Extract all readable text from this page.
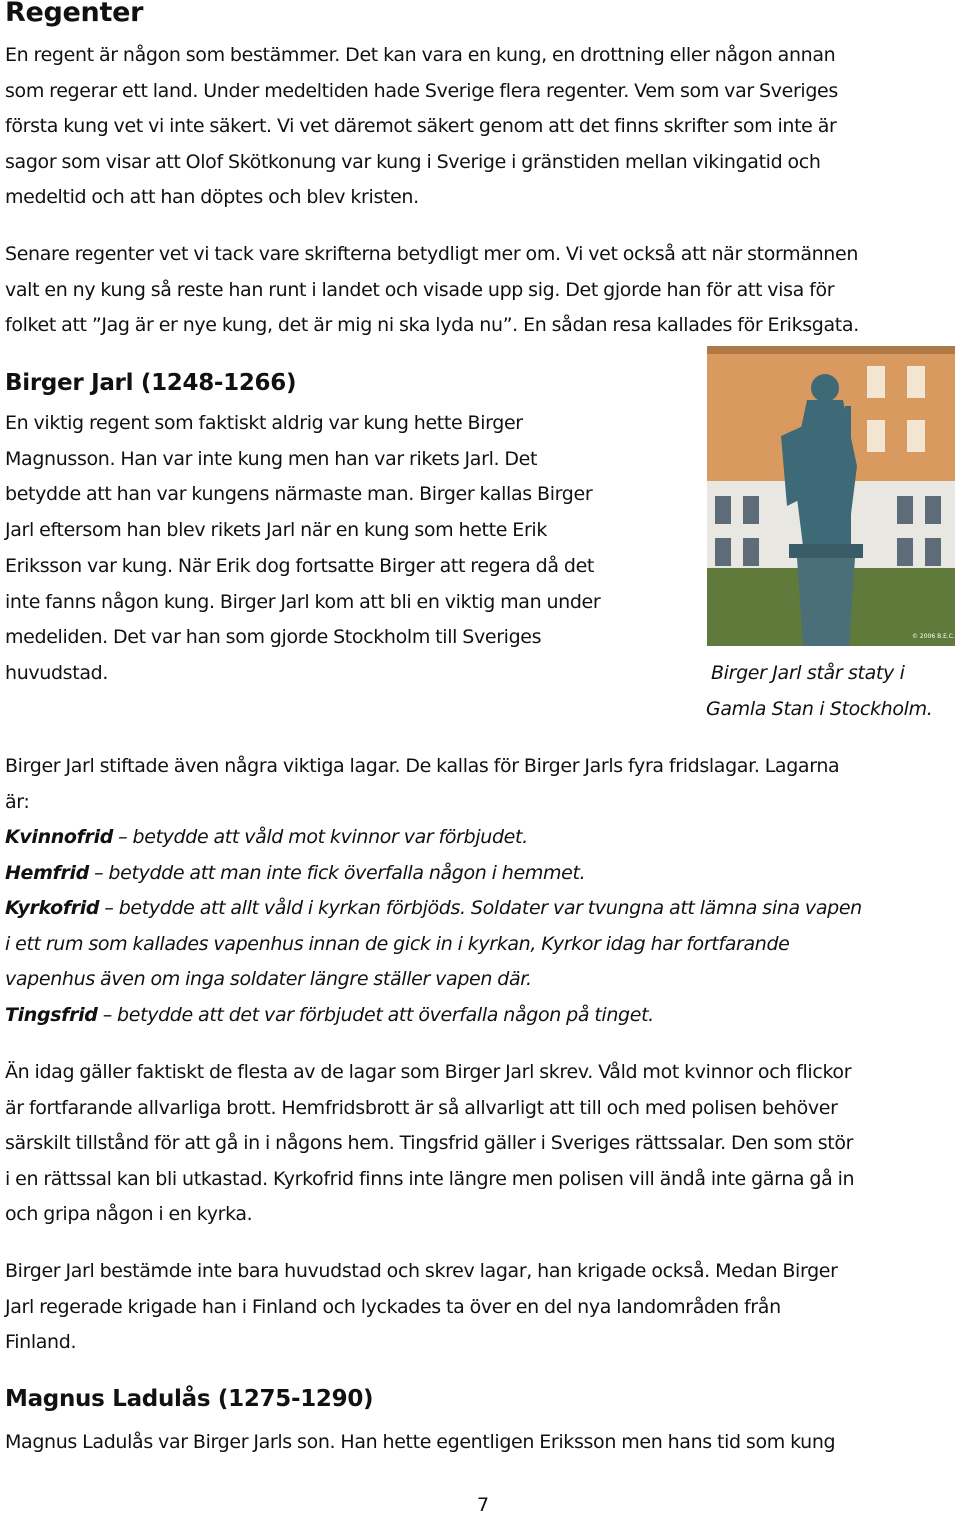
Regenter
En regent är någon som bestämmer. Det kan vara en kung, en drottning eller någon annan
som regerar ett land. Under medeltiden hade Sverige flera regenter. Vem som var Sveriges
första kung vet vi inte säkert. Vi vet däremot säkert genom att det finns skrifter som inte är
sagor som visar att Olof Skötkonung var kung i Sverige i gränstiden mellan vikingatid och
medeltid och att han döptes och blev kristen.
Senare regenter vet vi tack vare skrifterna betydligt mer om. Vi vet också att när stormännen
valt en ny kung så reste han runt i landet och visade upp sig. Det gjorde han för att visa för
folket att ”Jag är er nye kung, det är mig ni ska lyda nu”. En sådan resa kallades för Eriksgata.
Birger Jarl (1248-1266)
En viktig regent som faktiskt aldrig var kung hette Birger
Magnusson. Han var inte kung men han var rikets Jarl. Det
betydde att han var kungens närmaste man. Birger kallas Birger
Jarl eftersom han blev rikets Jarl när en kung som hette Erik
Eriksson var kung. När Erik dog fortsatte Birger att regera då det
inte fanns någon kung. Birger Jarl kom att bli en viktig man under
medeliden. Det var han som gjorde Stockholm till Sveriges
huvudstad.
© 2006 B.E.C.
Birger Jarl står staty i
Gamla Stan i Stockholm.
Birger Jarl stiftade även några viktiga lagar. De kallas för Birger Jarls fyra fridslagar. Lagarna
är:
Kvinnofrid – betydde att våld mot kvinnor var förbjudet.
Hemfrid – betydde att man inte fick överfalla någon i hemmet.
Kyrkofrid – betydde att allt våld i kyrkan förbjöds. Soldater var tvungna att lämna sina vapen
i ett rum som kallades vapenhus innan de gick in i kyrkan, Kyrkor idag har fortfarande
vapenhus även om inga soldater längre ställer vapen där.
Tingsfrid – betydde att det var förbjudet att överfalla någon på tinget.
Än idag gäller faktiskt de flesta av de lagar som Birger Jarl skrev. Våld mot kvinnor och flickor
är fortfarande allvarliga brott. Hemfridsbrott är så allvarligt att till och med polisen behöver
särskilt tillstånd för att gå in i någons hem. Tingsfrid gäller i Sveriges rättssalar. Den som stör
i en rättssal kan bli utkastad. Kyrkofrid finns inte längre men polisen vill ändå inte gärna gå in
och gripa någon i en kyrka.
Birger Jarl bestämde inte bara huvudstad och skrev lagar, han krigade också. Medan Birger
Jarl regerade krigade han i Finland och lyckades ta över en del nya landområden från
Finland.
Magnus Ladulås (1275-1290)
Magnus Ladulås var Birger Jarls son. Han hette egentligen Eriksson men hans tid som kung
7
